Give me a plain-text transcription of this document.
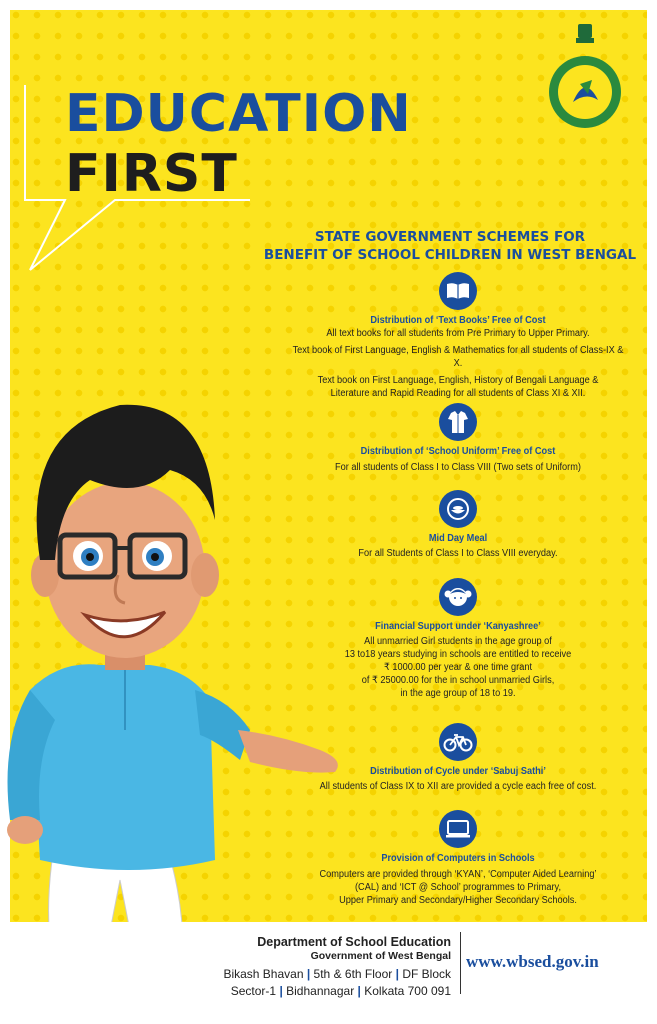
EDUCATION
FIRST
STATE GOVERNMENT SCHEMES FOR
BENEFIT OF SCHOOL CHILDREN IN WEST BENGAL
Distribution of ‘Text Books’ Free of Cost
All text books for all students from Pre Primary to Upper Primary.
Text book of First Language, English & Mathematics for all students of Class-IX & X.
Text book on First Language, English, History of Bengali Language &
Literature and Rapid Reading for all students of Class XI & XII.
Distribution of ‘School Uniform’ Free of Cost
For all students of Class I to Class VIII (Two sets of Uniform)
Mid Day Meal
For all Students of Class I to Class VIII everyday.
Financial Support under ‘Kanyashree’
All unmarried Girl students in the age group of
13 to18 years studying in schools are entitled to receive
₹ 1000.00 per year & one time grant
of ₹ 25000.00 for the in school unmarried Girls,
in the age group of 18 to 19.
Distribution of Cycle under ‘Sabuj Sathi’
All students of Class IX to XII are provided a cycle each free of cost.
Provision of Computers in Schools
Computers are provided through ‘KYAN’, ‘Computer Aided Learning’
(CAL) and ‘ICT @ School’ programmes to Primary,
Upper Primary and Secondary/Higher Secondary Schools.
Department of School Education
Government of West Bengal
Bikash Bhavan | 5th & 6th Floor | DF Block
Sector-1 | Bidhannagar | Kolkata 700 091
www.wbsed.gov.in
